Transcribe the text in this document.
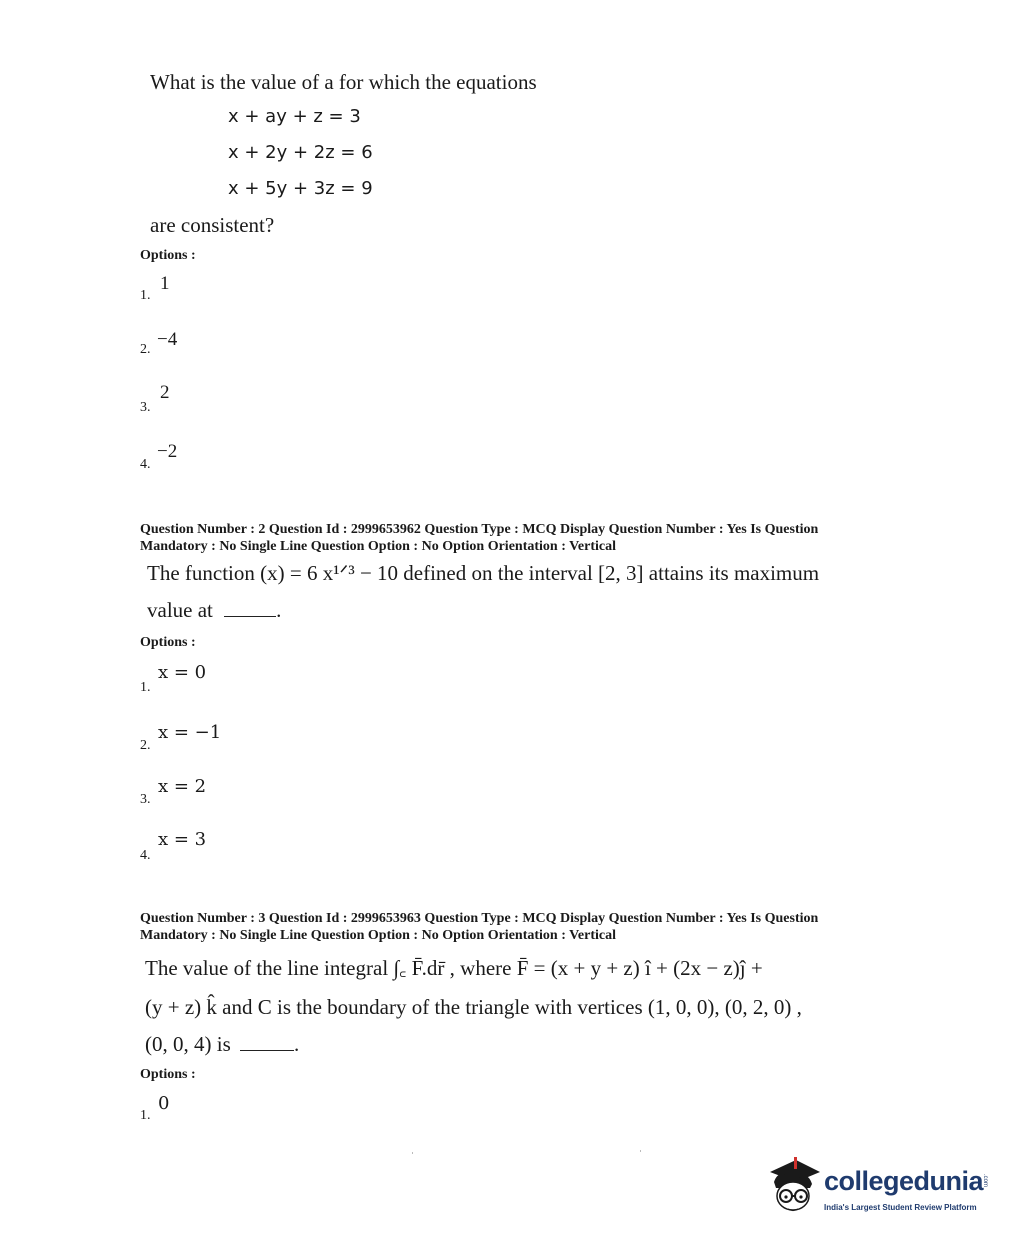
What is the value of a for which the equations
x + ay + z = 3
x + 2y + 2z = 6
x + 5y + 3z = 9
are consistent?
Options :
1
1.
−4
2.
2
3.
−2
4.
Question Number : 2 Question Id : 2999653962 Question Type : MCQ Display Question Number : Yes Is Question
Mandatory : No Single Line Question Option : No Option Orientation : Vertical
The function (x) = 6 x¹ᐟ³ − 10 defined on the interval [2, 3] attains its maximum
value at	.
Options :
x = 0
1.
x = −1
2.
x = 2
3.
x = 3
4.
Question Number : 3 Question Id : 2999653963 Question Type : MCQ Display Question Number : Yes Is Question
Mandatory : No Single Line Question Option : No Option Orientation : Vertical
The value of the line integral ∫꜀ F̄.dr̄ , where F̄ = (x + y + z) î + (2x − z)ĵ +
(y + z) k̂ and C is the boundary of the triangle with vertices (1, 0, 0), (0, 2, 0) ,
(0, 0, 4) is	.
Options :
0
1.
collegedunia
.com
India's Largest Student Review Platform
